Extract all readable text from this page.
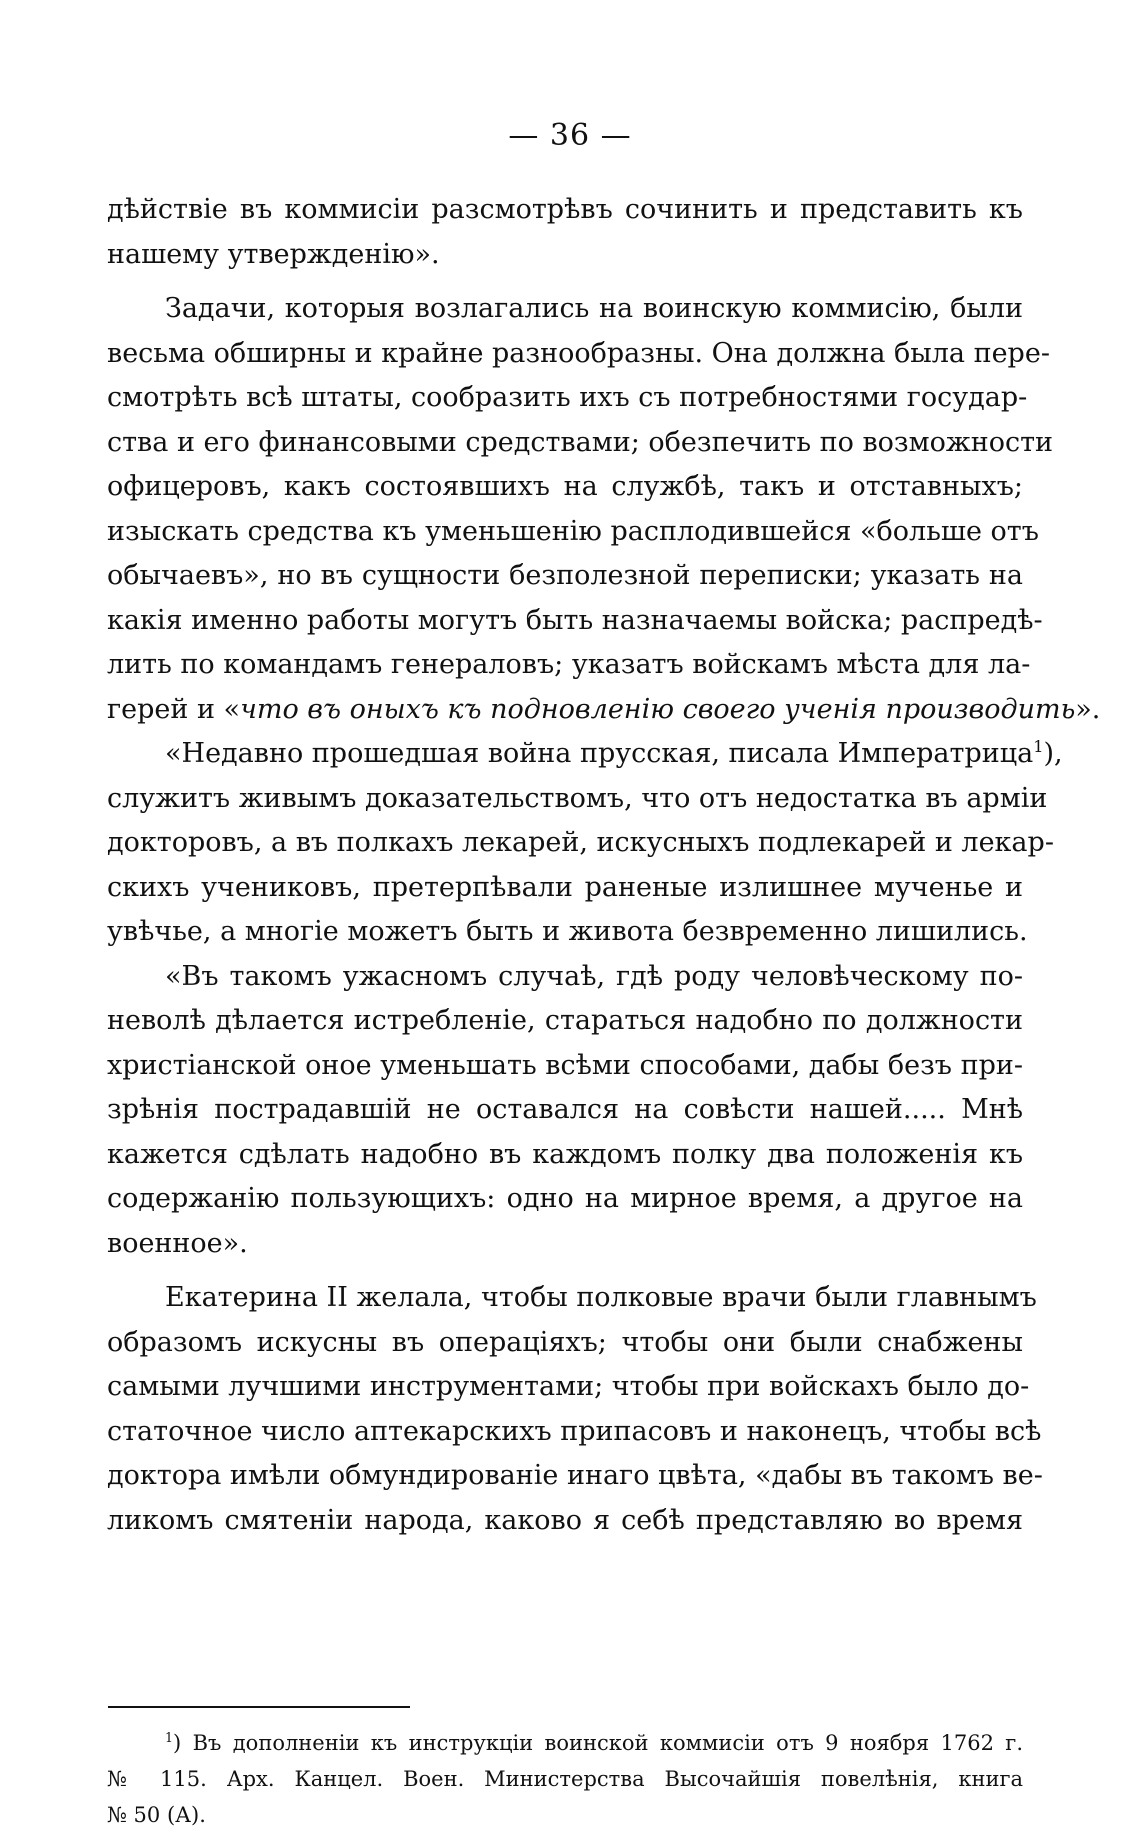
— 36 —
дѣйствіе въ коммисіи разсмотрѣвъ сочинить и представить къ
нашему утвержденію».
Задачи, которыя возлагались на воинскую коммисію, были
весьма обширны и крайне разнообразны. Она должна была пере-
смотрѣть всѣ штаты, сообразить ихъ съ потребностями государ-
ства и его финансовыми средствами; обезпечить по возможности
офицеровъ, какъ состоявшихъ на службѣ, такъ и отставныхъ;
изыскать средства къ уменьшенію расплодившейся «больше отъ
обычаевъ», но въ сущности безполезной переписки; указать на
какія именно работы могутъ быть назначаемы войска; распредѣ-
лить по командамъ генераловъ; указатъ войскамъ мѣста для ла-
герей и «что въ оныхъ къ подновленію своего ученія производить».
«Недавно прошедшая война прусская, писала Императрица$^1$),
служитъ живымъ доказательствомъ, что отъ недостатка въ арміи
докторовъ, а въ полкахъ лекарей, искусныхъ подлекарей и лекар-
скихъ учениковъ, претерпѣвали раненые излишнее мученье и
увѣчье, а многіе можетъ быть и живота безвременно лишились.
«Въ такомъ ужасномъ случаѣ, гдѣ роду человѣческому по-
неволѣ дѣлается истребленіе, стараться надобно по должности
христіанской оное уменьшать всѣми способами, дабы безъ при-
зрѣнія пострадавшій не оставался на совѣсти нашей..... Мнѣ
кажется сдѣлать надобно въ каждомъ полку два положенія къ
содержанію пользующихъ: одно на мирное время, а другое на
военное».
Екатерина II желала, чтобы полковые врачи были главнымъ
образомъ искусны въ операціяхъ; чтобы они были снабжены
самыми лучшими инструментами; чтобы при войскахъ было до-
статочное число аптекарскихъ припасовъ и наконецъ, чтобы всѣ
доктора имѣли обмундированіе инаго цвѣта, «дабы въ такомъ ве-
ликомъ смятеніи народа, каково я себѣ представляю во время
$^1$) Въ дополненіи къ инструкціи воинской коммисіи отъ 9 ноября 1762 г.
№ 115. Арх. Канцел. Воен. Министерства Высочайшія повелѣнія, книга
№ 50 (А).
